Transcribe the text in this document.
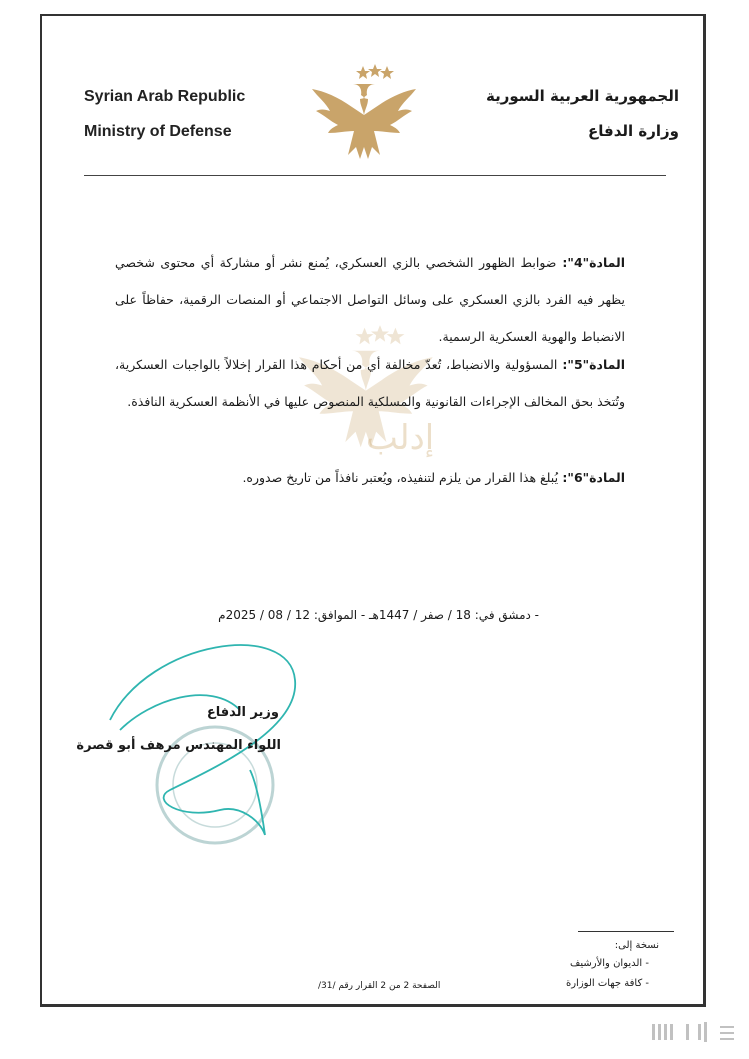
Syrian Arab Republic
Ministry of Defense
الجمهورية العربية السورية
وزارة الدفاع
إدلب
المادة"4": ضوابط الظهور الشخصي بالزي العسكري، يُمنع نشر أو مشاركة أي محتوى شخصي يظهر فيه الفرد بالزي العسكري على وسائل التواصل الاجتماعي أو المنصات الرقمية، حفاظاً على الانضباط والهوية العسكرية الرسمية.
المادة"5": المسؤولية والانضباط، تُعدّ مخالفة أي من أحكام هذا القرار إخلالاً بالواجبات العسكرية، وتُتخذ بحق المخالف الإجراءات القانونية والمسلكية المنصوص عليها في الأنظمة العسكرية النافذة.
المادة"6": يُبلغ هذا القرار من يلزم لتنفيذه، ويُعتبر نافذاً من تاريخ صدوره.
- دمشق في: 18 / صفر / 1447هـ - الموافق: 12 / 08 / 2025م
وزير الدفاع
اللواء المهندس مرهف أبو قصرة
نسخة إلى:
- الديوان والأرشيف
- كافة جهات الوزارة
الصفحة 2 من 2 القرار رقم /31/
